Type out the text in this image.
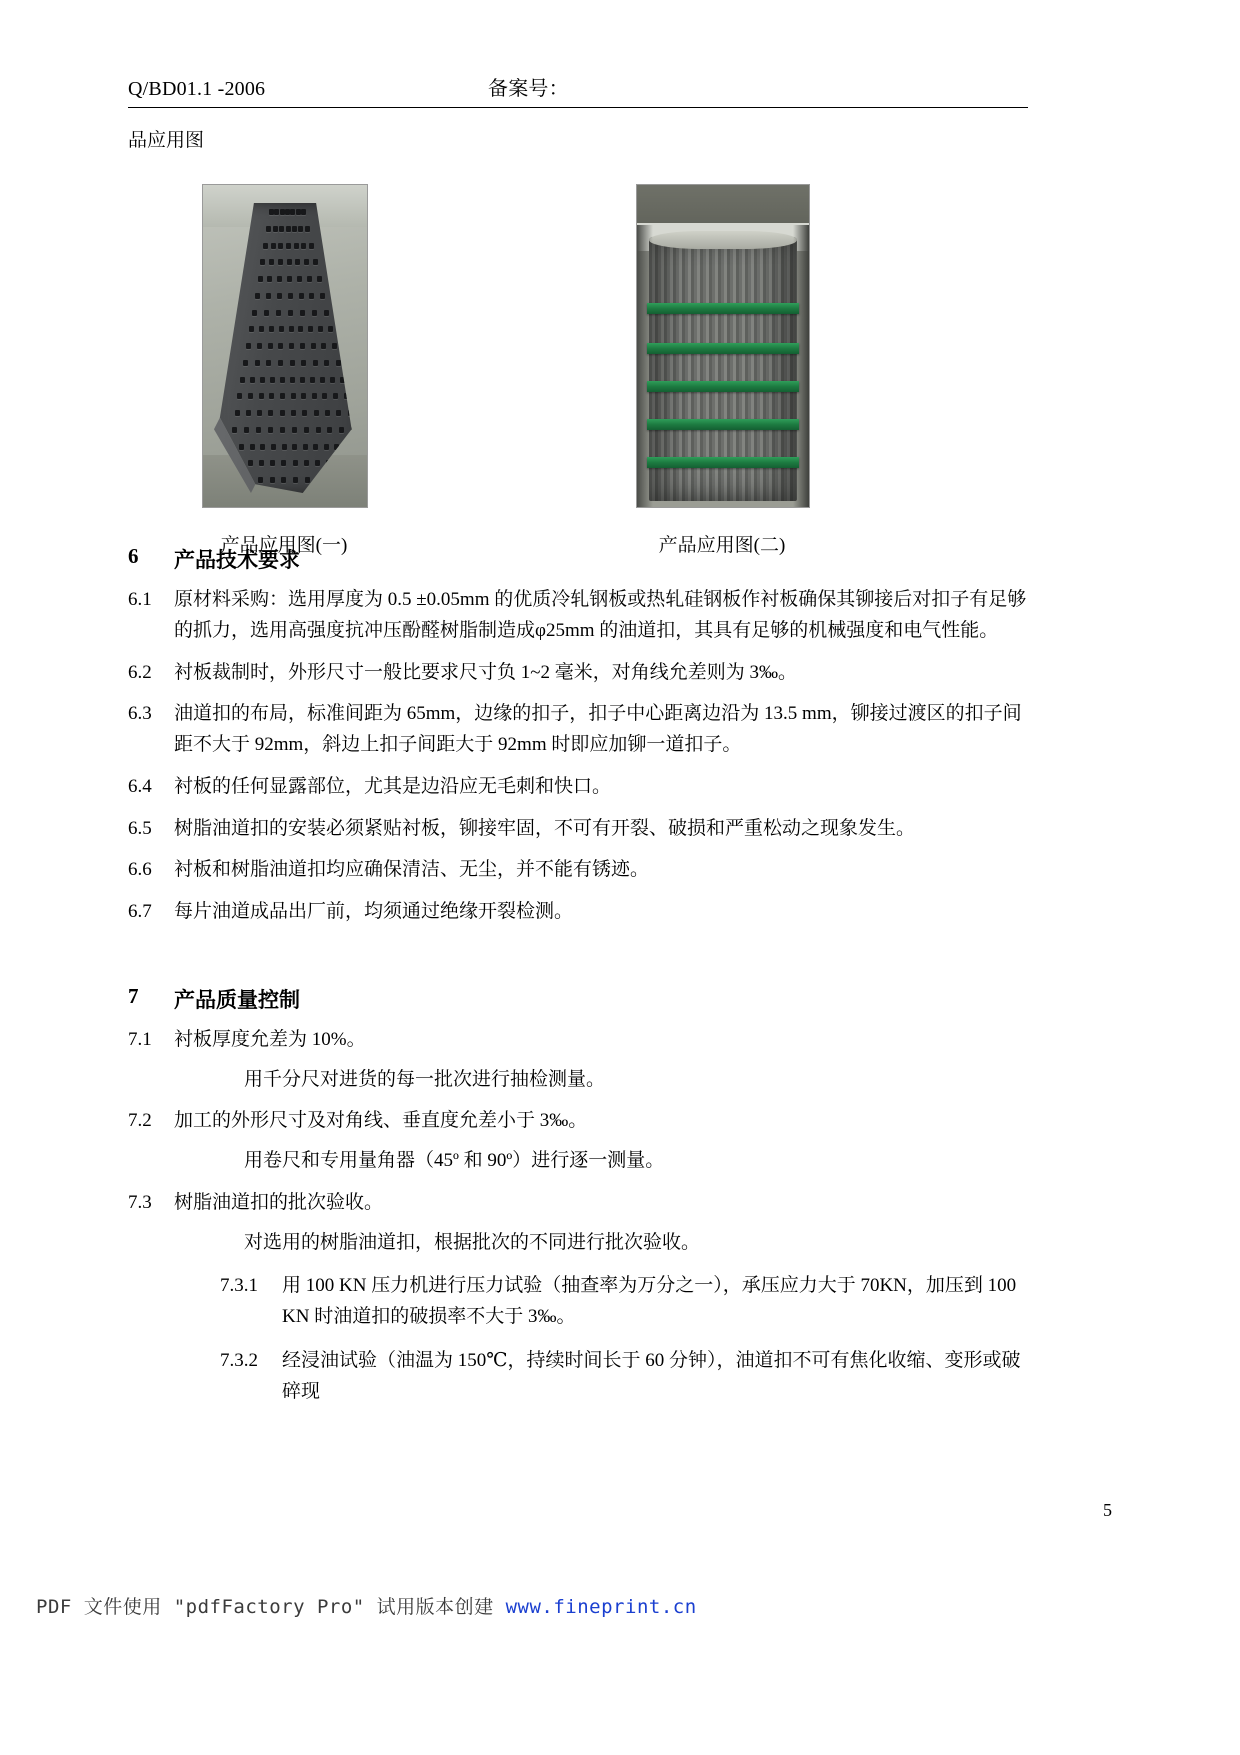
Q/BD01.1 -2006	备案号：
品应用图
产品应用图(一)	产品应用图(二)
6	产品技术要求
6.1	原材料采购：选用厚度为 0.5 ±0.05mm 的优质冷轧钢板或热轧硅钢板作衬板确保其铆接后对扣子有足够的抓力，选用高强度抗冲压酚醛树脂制造成φ25mm 的油道扣，其具有足够的机械强度和电气性能。
6.2	衬板裁制时，外形尺寸一般比要求尺寸负 1~2 毫米，对角线允差则为 3‰。
6.3	油道扣的布局，标准间距为 65mm，边缘的扣子，扣子中心距离边沿为 13.5 mm，铆接过渡区的扣子间距不大于 92mm，斜边上扣子间距大于 92mm 时即应加铆一道扣子。
6.4	衬板的任何显露部位，尤其是边沿应无毛刺和快口。
6.5	树脂油道扣的安装必须紧贴衬板，铆接牢固，不可有开裂、破损和严重松动之现象发生。
6.6	衬板和树脂油道扣均应确保清洁、无尘，并不能有锈迹。
6.7	每片油道成品出厂前，均须通过绝缘开裂检测。
7	产品质量控制
7.1	衬板厚度允差为 10%。
用千分尺对进货的每一批次进行抽检测量。
7.2	加工的外形尺寸及对角线、垂直度允差小于 3‰。
用卷尺和专用量角器（45º 和 90º）进行逐一测量。
7.3	树脂油道扣的批次验收。
对选用的树脂油道扣，根据批次的不同进行批次验收。
7.3.1	用 100 KN 压力机进行压力试验（抽查率为万分之一），承压应力大于 70KN，加压到 100 KN 时油道扣的破损率不大于 3‰。
7.3.2	经浸油试验（油温为 150℃，持续时间长于 60 分钟），油道扣不可有焦化收缩、变形或破碎现
5
PDF 文件使用 "pdfFactory Pro" 试用版本创建 www.fineprint.cn
